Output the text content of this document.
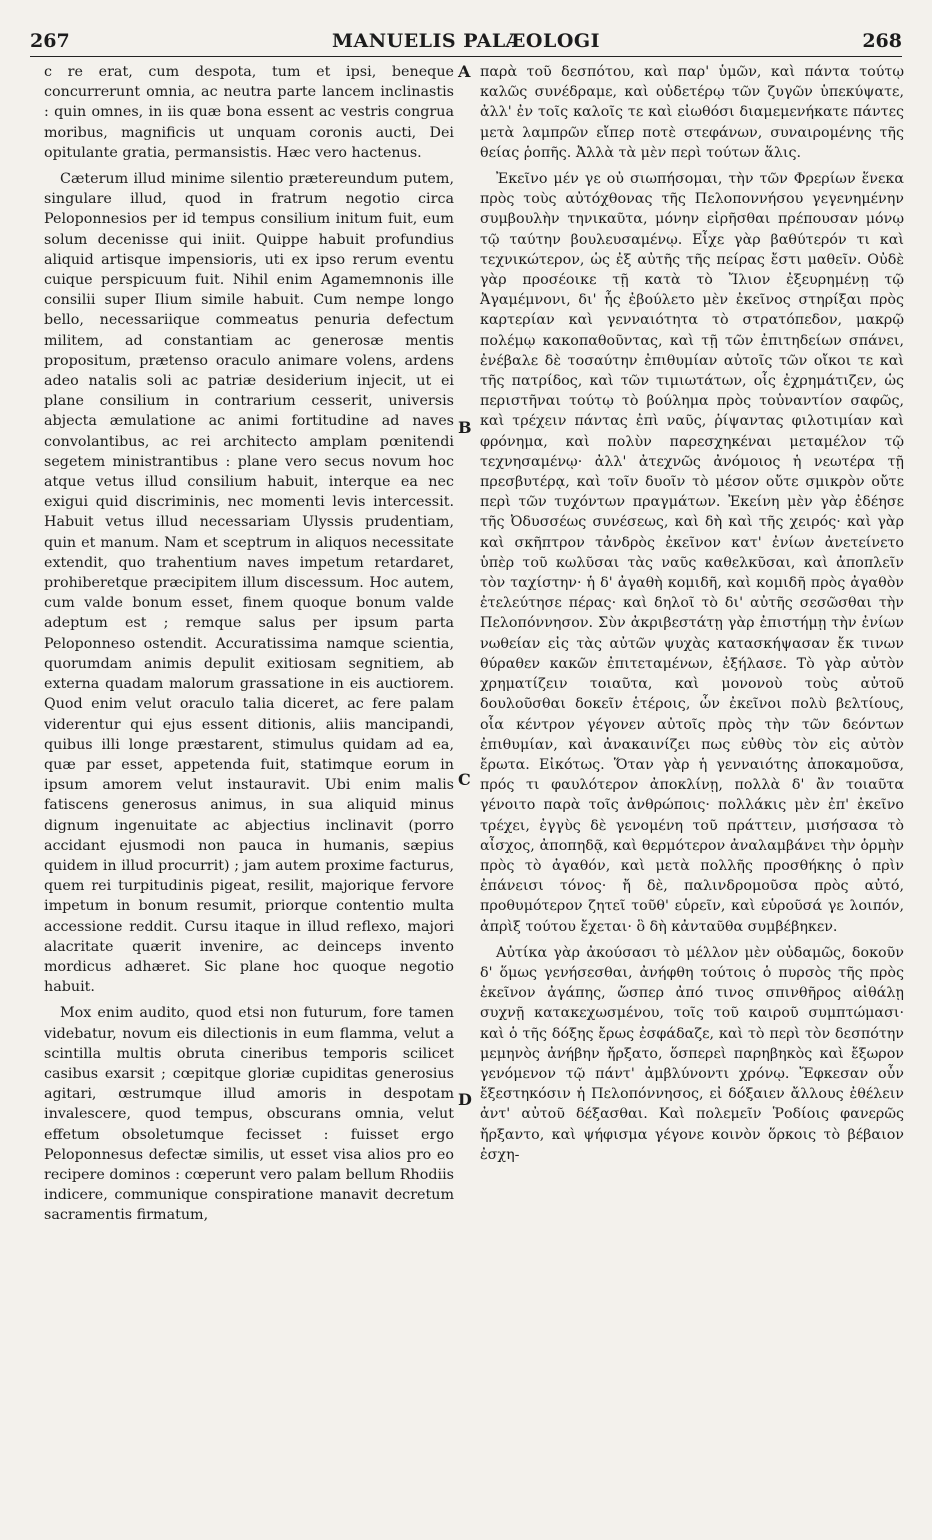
267	MANUELIS PALÆOLOGI	268

c re erat, cum despota, tum et ipsi, beneque concurrerunt omnia, ac neutra parte lancem inclinastis : quin omnes, in iis quæ bona essent ac vestris congrua moribus, magnificis ut unquam coronis aucti, Dei opitulante gratia, permansistis. Hæc vero hactenus.

Cæterum illud minime silentio prætereundum putem, singulare illud, quod in fratrum negotio circa Peloponnesios per id tempus consilium initum fuit, eum solum decenisse qui iniit. Quippe habuit profundius aliquid artisque impensioris, uti ex ipso rerum eventu cuique perspicuum fuit. Nihil enim Agamemnonis ille consilii super Ilium simile habuit. Cum nempe longo bello, necessariique commeatus penuria defectum militem, ad constantiam ac generosæ mentis propositum, prætenso oraculo animare volens, ardens adeo natalis soli ac patriæ desiderium injecit, ut ei plane consilium in contrarium cesserit, universis abjecta æmulatione ac animi fortitudine ad naves convolantibus, ac rei architecto amplam pœnitendi segetem ministrantibus : plane vero secus novum hoc atque vetus illud consilium habuit, interque ea nec exigui quid discriminis, nec momenti levis intercessit. Habuit vetus illud necessariam Ulyssis prudentiam, quin et manum. Nam et sceptrum in aliquos necessitate extendit, quo trahentium naves impetum retardaret, prohiberetque præcipitem illum discessum. Hoc autem, cum valde bonum esset, finem quoque bonum valde adeptum est ; remque salus per ipsum parta Peloponneso ostendit. Accuratissima namque scientia, quorumdam animis depulit exitiosam segnitiem, ab externa quadam malorum grassatione in eis auctiorem. Quod enim velut oraculo talia diceret, ac fere palam viderentur qui ejus essent ditionis, aliis mancipandi, quibus illi longe præstarent, stimulus quidam ad ea, quæ par esset, appetenda fuit, statimque eorum in ipsum amorem velut instauravit. Ubi enim malis fatiscens generosus animus, in sua aliquid minus dignum ingenuitate ac abjectius inclinavit (porro accidant ejusmodi non pauca in humanis, sæpius quidem in illud procurrit) ; jam autem proxime facturus, quem rei turpitudinis pigeat, resilit, majorique fervore impetum in bonum resumit, priorque contentio multa accessione reddit. Cursu itaque in illud reflexo, majori alacritate quærit invenire, ac deinceps invento mordicus adhæret. Sic plane hoc quoque negotio habuit.

Mox enim audito, quod etsi non futurum, fore tamen videbatur, novum eis dilectionis in eum flamma, velut a scintilla multis obruta cineribus temporis scilicet casibus exarsit ; cœpitque gloriæ cupiditas generosius agitari, œstrumque illud amoris in despotam invalescere, quod tempus, obscurans omnia, velut effetum obsoletumque fecisset : fuisset ergo Peloponnesus defectæ similis, ut esset visa alios pro eo recipere dominos : cœperunt vero palam bellum Rhodiis indicere, communique conspiratione manavit decretum sacramentis firmatum,

παρὰ τοῦ δεσπότου, καὶ παρ' ὑμῶν, καὶ πάντα τούτῳ καλῶς συνέδραμε, καὶ οὐδετέρῳ τῶν ζυγῶν ὑπεκύψατε, ἀλλ' ἐν τοῖς καλοῖς τε καὶ εἰωθόσι διαμεμενήκατε πάντες μετὰ λαμπρῶν εἴπερ ποτὲ στεφάνων, συναιρομένης τῆς θείας ῥοπῆς. Ἀλλὰ τὰ μὲν περὶ τούτων ἅλις.

Ἐκεῖνο μέν γε οὐ σιωπήσομαι, τὴν τῶν Φρερίων ἕνεκα πρὸς τοὺς αὐτόχθονας τῆς Πελοποννήσου γεγενημένην συμβουλὴν τηνικαῦτα, μόνην εἰρῆσθαι πρέπουσαν μόνῳ τῷ ταύτην βουλευσαμένῳ. Εἶχε γὰρ βαθύτερόν τι καὶ τεχνικώτερον, ὡς ἐξ αὐτῆς τῆς πείρας ἔστι μαθεῖν. Οὐδὲ γὰρ προσέοικε τῇ κατὰ τὸ Ἴλιον ἐξευρημένῃ τῷ Ἀγαμέμνονι, δι' ἧς ἐβούλετο μὲν ἐκεῖνος στηρίξαι πρὸς καρτερίαν καὶ γενναιότητα τὸ στρατόπεδον, μακρῷ πολέμῳ κακοπαθοῦντας, καὶ τῇ τῶν ἐπιτηδείων σπάνει, ἐνέβαλε δὲ τοσαύτην ἐπιθυμίαν αὐτοῖς τῶν οἴκοι τε καὶ τῆς πατρίδος, καὶ τῶν τιμιωτάτων, οἷς ἐχρημάτιζεν, ὡς περιστῆναι τούτῳ τὸ βούλημα πρὸς τοὐναντίον σαφῶς, καὶ τρέχειν πάντας ἐπὶ ναῦς, ῥίψαντας φιλοτιμίαν καὶ φρόνημα, καὶ πολὺν παρεσχηκέναι μεταμέλον τῷ τεχνησαμένῳ· ἀλλ' ἀτεχνῶς ἀνόμοιος ἡ νεωτέρα τῇ πρεσβυτέρᾳ, καὶ τοῖν δυοῖν τὸ μέσον οὔτε σμικρὸν οὔτε περὶ τῶν τυχόντων πραγμάτων. Ἐκείνη μὲν γὰρ ἐδέησε τῆς Ὀδυσσέως συνέσεως, καὶ δὴ καὶ τῆς χειρός· καὶ γὰρ καὶ σκῆπτρον τἀνδρὸς ἐκεῖνον κατ' ἐνίων ἀνετείνετο ὑπὲρ τοῦ κωλῦσαι τὰς ναῦς καθελκῦσαι, καὶ ἀποπλεῖν τὸν ταχίστην· ἡ δ' ἀγαθὴ κομιδῆ, καὶ κομιδῆ πρὸς ἀγαθὸν ἐτελεύτησε πέρας· καὶ δηλοῖ τὸ δι' αὐτῆς σεσῶσθαι τὴν Πελοπόννησον. Σὺν ἀκριβεστάτῃ γὰρ ἐπιστήμῃ τὴν ἐνίων νωθείαν εἰς τὰς αὐτῶν ψυχὰς κατασκήψασαν ἔκ τινων θύραθεν κακῶν ἐπιτεταμένων, ἐξήλασε. Τὸ γὰρ αὐτὸν χρηματίζειν τοιαῦτα, καὶ μονονοὺ τοὺς αὐτοῦ δουλοῦσθαι δοκεῖν ἑτέροις, ὧν ἐκεῖνοι πολὺ βελτίους, οἷα κέντρον γέγονεν αὐτοῖς πρὸς τὴν τῶν δεόντων ἐπιθυμίαν, καὶ ἀνακαινίζει πως εὐθὺς τὸν εἰς αὐτὸν ἔρωτα. Εἰκότως. Ὅταν γὰρ ἡ γενναιότης ἀποκαμοῦσα, πρός τι φαυλότερον ἀποκλίνῃ, πολλὰ δ' ἂν τοιαῦτα γένοιτο παρὰ τοῖς ἀνθρώποις· πολλάκις μὲν ἐπ' ἐκεῖνο τρέχει, ἐγγὺς δὲ γενομένη τοῦ πράττειν, μισήσασα τὸ αἶσχος, ἀποπηδᾷ, καὶ θερμότερον ἀναλαμβάνει τὴν ὁρμὴν πρὸς τὸ ἀγαθόν, καὶ μετὰ πολλῆς προσθήκης ὁ πρὶν ἐπάνεισι τόνος· ἤ δὲ, παλινδρομοῦσα πρὸς αὐτό, προθυμότερον ζητεῖ τοῦθ' εὑρεῖν, καὶ εὑροῦσά γε λοιπόν, ἀπρὶξ τούτου ἔχεται· ὃ δὴ κἀνταῦθα συμβέβηκεν.

Αὐτίκα γὰρ ἀκούσασι τὸ μέλλον μὲν οὐδαμῶς, δοκοῦν δ' ὅμως γενήσεσθαι, ἀνήφθη τούτοις ὁ πυρσὸς τῆς πρὸς ἐκεῖνον ἀγάπης, ὥσπερ ἀπό τινος σπινθῆρος αἰθάλῃ συχνῇ κατακεχωσμένου, τοῖς τοῦ καιροῦ συμπτώμασι· καὶ ὁ τῆς δόξης ἔρως ἐσφάδαζε, καὶ τὸ περὶ τὸν δεσπότην μεμηνὸς ἀνήβην ἤρξατο, ὅσπερεὶ παρηβηκὸς καὶ ἔξωρον γενόμενον τῷ πάντ' ἀμβλύνοντι χρόνῳ. Ἔφκεσαν οὖν ἔξεστηκόσιν ἡ Πελοπόννησος, εἰ δόξαιεν ἄλλους ἐθέλειν ἀντ' αὐτοῦ δέξασθαι. Καὶ πολεμεῖν Ῥοδίοις φανερῶς ἤρξαντο, καὶ ψήφισμα γέγονε κοινὸν ὅρκοις τὸ βέβαιον ἐσχη-

A
B
C
D
